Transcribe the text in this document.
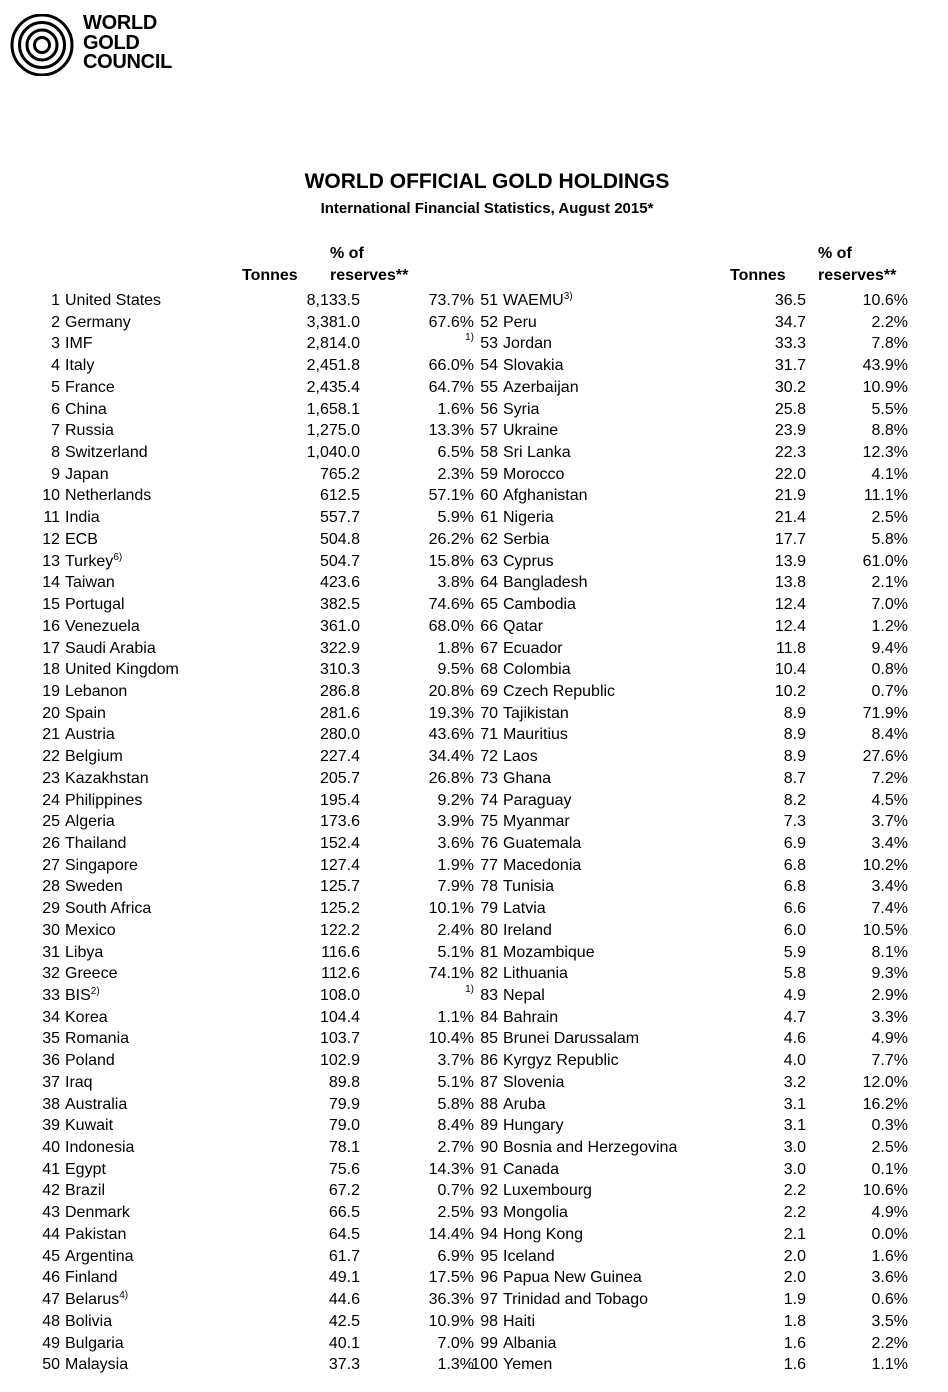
WORLD
GOLD
COUNCIL
WORLD OFFICIAL GOLD HOLDINGS
International Financial Statistics, August 2015*
% of
Tonnes reserves**
% of
Tonnes reserves**
1 United States	8,133.5	73.7%
2 Germany	3,381.0	67.6%
3 IMF	2,814.0	$^{1)}$
4 Italy	2,451.8	66.0%
5 France	2,435.4	64.7%
6 China	1,658.1	1.6%
7 Russia	1,275.0	13.3%
8 Switzerland	1,040.0	6.5%
9 Japan	765.2	2.3%
10 Netherlands	612.5	57.1%
11 India	557.7	5.9%
12 ECB	504.8	26.2%
13 Turkey$^{6)}$	504.7	15.8%
14 Taiwan	423.6	3.8%
15 Portugal	382.5	74.6%
16 Venezuela	361.0	68.0%
17 Saudi Arabia	322.9	1.8%
18 United Kingdom	310.3	9.5%
19 Lebanon	286.8	20.8%
20 Spain	281.6	19.3%
21 Austria	280.0	43.6%
22 Belgium	227.4	34.4%
23 Kazakhstan	205.7	26.8%
24 Philippines	195.4	9.2%
25 Algeria	173.6	3.9%
26 Thailand	152.4	3.6%
27 Singapore	127.4	1.9%
28 Sweden	125.7	7.9%
29 South Africa	125.2	10.1%
30 Mexico	122.2	2.4%
31 Libya	116.6	5.1%
32 Greece	112.6	74.1%
33 BIS$^{2)}$	108.0	$^{1)}$
34 Korea	104.4	1.1%
35 Romania	103.7	10.4%
36 Poland	102.9	3.7%
37 Iraq	89.8	5.1%
38 Australia	79.9	5.8%
39 Kuwait	79.0	8.4%
40 Indonesia	78.1	2.7%
41 Egypt	75.6	14.3%
42 Brazil	67.2	0.7%
43 Denmark	66.5	2.5%
44 Pakistan	64.5	14.4%
45 Argentina	61.7	6.9%
46 Finland	49.1	17.5%
47 Belarus$^{4)}$	44.6	36.3%
48 Bolivia	42.5	10.9%
49 Bulgaria	40.1	7.0%
50 Malaysia	37.3	1.3%
51 WAEMU$^{3)}$	36.5	10.6%
52 Peru	34.7	2.2%
53 Jordan	33.3	7.8%
54 Slovakia	31.7	43.9%
55 Azerbaijan	30.2	10.9%
56 Syria	25.8	5.5%
57 Ukraine	23.9	8.8%
58 Sri Lanka	22.3	12.3%
59 Morocco	22.0	4.1%
60 Afghanistan	21.9	11.1%
61 Nigeria	21.4	2.5%
62 Serbia	17.7	5.8%
63 Cyprus	13.9	61.0%
64 Bangladesh	13.8	2.1%
65 Cambodia	12.4	7.0%
66 Qatar	12.4	1.2%
67 Ecuador	11.8	9.4%
68 Colombia	10.4	0.8%
69 Czech Republic	10.2	0.7%
70 Tajikistan	8.9	71.9%
71 Mauritius	8.9	8.4%
72 Laos	8.9	27.6%
73 Ghana	8.7	7.2%
74 Paraguay	8.2	4.5%
75 Myanmar	7.3	3.7%
76 Guatemala	6.9	3.4%
77 Macedonia	6.8	10.2%
78 Tunisia	6.8	3.4%
79 Latvia	6.6	7.4%
80 Ireland	6.0	10.5%
81 Mozambique	5.9	8.1%
82 Lithuania	5.8	9.3%
83 Nepal	4.9	2.9%
84 Bahrain	4.7	3.3%
85 Brunei Darussalam	4.6	4.9%
86 Kyrgyz Republic	4.0	7.7%
87 Slovenia	3.2	12.0%
88 Aruba	3.1	16.2%
89 Hungary	3.1	0.3%
90 Bosnia and Herzegovina	3.0	2.5%
91 Canada	3.0	0.1%
92 Luxembourg	2.2	10.6%
93 Mongolia	2.2	4.9%
94 Hong Kong	2.1	0.0%
95 Iceland	2.0	1.6%
96 Papua New Guinea	2.0	3.6%
97 Trinidad and Tobago	1.9	0.6%
98 Haiti	1.8	3.5%
99 Albania	1.6	2.2%
100 Yemen	1.6	1.1%
